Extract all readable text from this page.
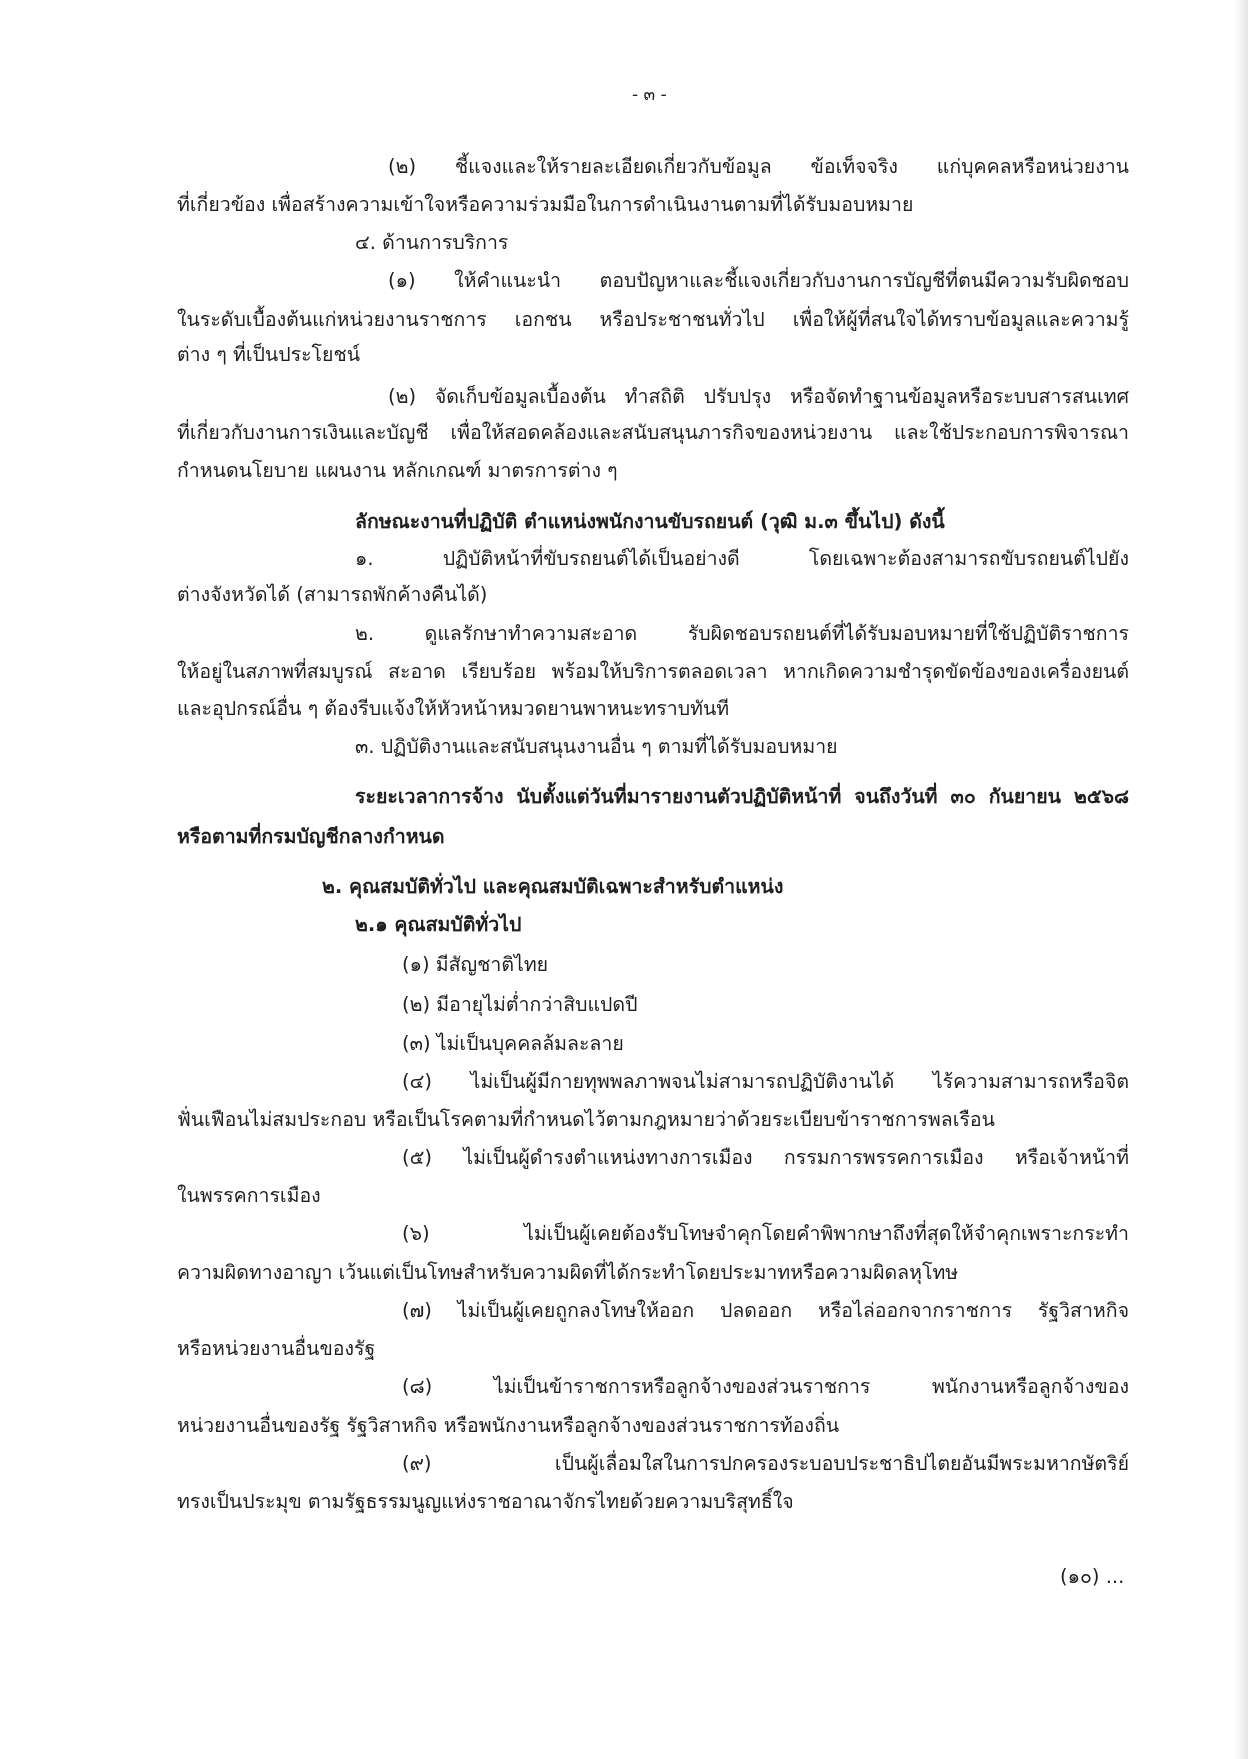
- ๓ -
(๒) ชี้แจงและให้รายละเอียดเกี่ยวกับข้อมูล ข้อเท็จจริง แก่บุคคลหรือหน่วยงาน
ที่เกี่ยวข้อง เพื่อสร้างความเข้าใจหรือความร่วมมือในการดำเนินงานตามที่ได้รับมอบหมาย
๔. ด้านการบริการ
(๑) ให้คำแนะนำ ตอบปัญหาและชี้แจงเกี่ยวกับงานการบัญชีที่ตนมีความรับผิดชอบ
ในระดับเบื้องต้นแก่หน่วยงานราชการ เอกชน หรือประชาชนทั่วไป เพื่อให้ผู้ที่สนใจได้ทราบข้อมูลและความรู้
ต่าง ๆ ที่เป็นประโยชน์
(๒) จัดเก็บข้อมูลเบื้องต้น ทำสถิติ ปรับปรุง หรือจัดทำฐานข้อมูลหรือระบบสารสนเทศ
ที่เกี่ยวกับงานการเงินและบัญชี เพื่อให้สอดคล้องและสนับสนุนภารกิจของหน่วยงาน และใช้ประกอบการพิจารณา
กำหนดนโยบาย แผนงาน หลักเกณฑ์ มาตรการต่าง ๆ
ลักษณะงานที่ปฏิบัติ ตำแหน่งพนักงานขับรถยนต์ (วุฒิ ม.๓ ขึ้นไป) ดังนี้
๑. ปฏิบัติหน้าที่ขับรถยนต์ได้เป็นอย่างดี โดยเฉพาะต้องสามารถขับรถยนต์ไปยัง
ต่างจังหวัดได้ (สามารถพักค้างคืนได้)
๒. ดูแลรักษาทำความสะอาด รับผิดชอบรถยนต์ที่ได้รับมอบหมายที่ใช้ปฏิบัติราชการ
ให้อยู่ในสภาพที่สมบูรณ์ สะอาด เรียบร้อย พร้อมให้บริการตลอดเวลา หากเกิดความชำรุดขัดข้องของเครื่องยนต์
และอุปกรณ์อื่น ๆ ต้องรีบแจ้งให้หัวหน้าหมวดยานพาหนะทราบทันที
๓. ปฏิบัติงานและสนับสนุนงานอื่น ๆ ตามที่ได้รับมอบหมาย
ระยะเวลาการจ้าง นับตั้งแต่วันที่มารายงานตัวปฏิบัติหน้าที่ จนถึงวันที่ ๓๐ กันยายน ๒๕๖๘
หรือตามที่กรมบัญชีกลางกำหนด
๒. คุณสมบัติทั่วไป และคุณสมบัติเฉพาะสำหรับตำแหน่ง
๒.๑ คุณสมบัติทั่วไป
(๑) มีสัญชาติไทย
(๒) มีอายุไม่ต่ำกว่าสิบแปดปี
(๓) ไม่เป็นบุคคลล้มละลาย
(๔) ไม่เป็นผู้มีกายทุพพลภาพจนไม่สามารถปฏิบัติงานได้ ไร้ความสามารถหรือจิต
ฟั่นเฟือนไม่สมประกอบ หรือเป็นโรคตามที่กำหนดไว้ตามกฎหมายว่าด้วยระเบียบข้าราชการพลเรือน
(๕) ไม่เป็นผู้ดำรงตำแหน่งทางการเมือง กรรมการพรรคการเมือง หรือเจ้าหน้าที่
ในพรรคการเมือง
(๖) ไม่เป็นผู้เคยต้องรับโทษจำคุกโดยคำพิพากษาถึงที่สุดให้จำคุกเพราะกระทำ
ความผิดทางอาญา เว้นแต่เป็นโทษสำหรับความผิดที่ได้กระทำโดยประมาทหรือความผิดลหุโทษ
(๗) ไม่เป็นผู้เคยถูกลงโทษให้ออก ปลดออก หรือไล่ออกจากราชการ รัฐวิสาหกิจ
หรือหน่วยงานอื่นของรัฐ
(๘) ไม่เป็นข้าราชการหรือลูกจ้างของส่วนราชการ พนักงานหรือลูกจ้างของ
หน่วยงานอื่นของรัฐ รัฐวิสาหกิจ หรือพนักงานหรือลูกจ้างของส่วนราชการท้องถิ่น
(๙) เป็นผู้เลื่อมใสในการปกครองระบอบประชาธิปไตยอันมีพระมหากษัตริย์
ทรงเป็นประมุข ตามรัฐธรรมนูญแห่งราชอาณาจักรไทยด้วยความบริสุทธิ์ใจ
(๑๐) ...
